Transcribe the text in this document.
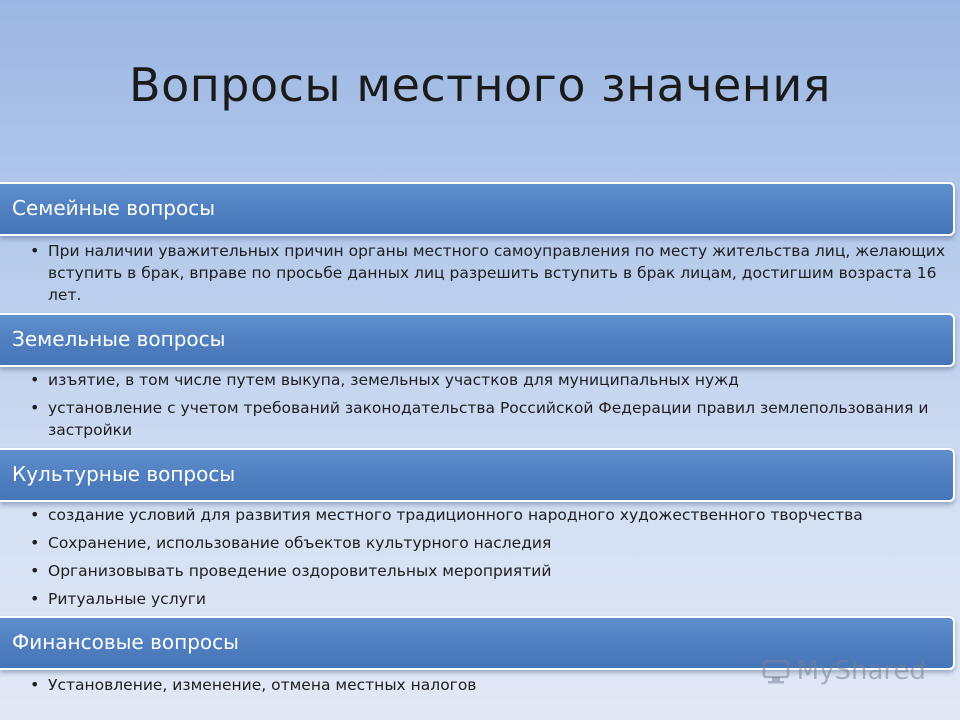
Вопросы местного значения
Семейные вопросы
• При наличии уважительных причин органы местного самоуправления по месту жительства лиц, желающих вступить в брак, вправе по просьбе данных лиц разрешить вступить в брак лицам, достигшим возраста 16 лет.
Земельные вопросы
• изъятие, в том числе путем выкупа, земельных участков для муниципальных нужд
• установление с учетом требований законодательства Российской Федерации правил землепользования и застройки
Культурные вопросы
• создание условий для развития местного традиционного народного художественного творчества
• Сохранение, использование объектов культурного наследия
• Организовывать проведение оздоровительных мероприятий
• Ритуальные услуги
Финансовые вопросы
• Установление, изменение, отмена местных налогов	MyShared
